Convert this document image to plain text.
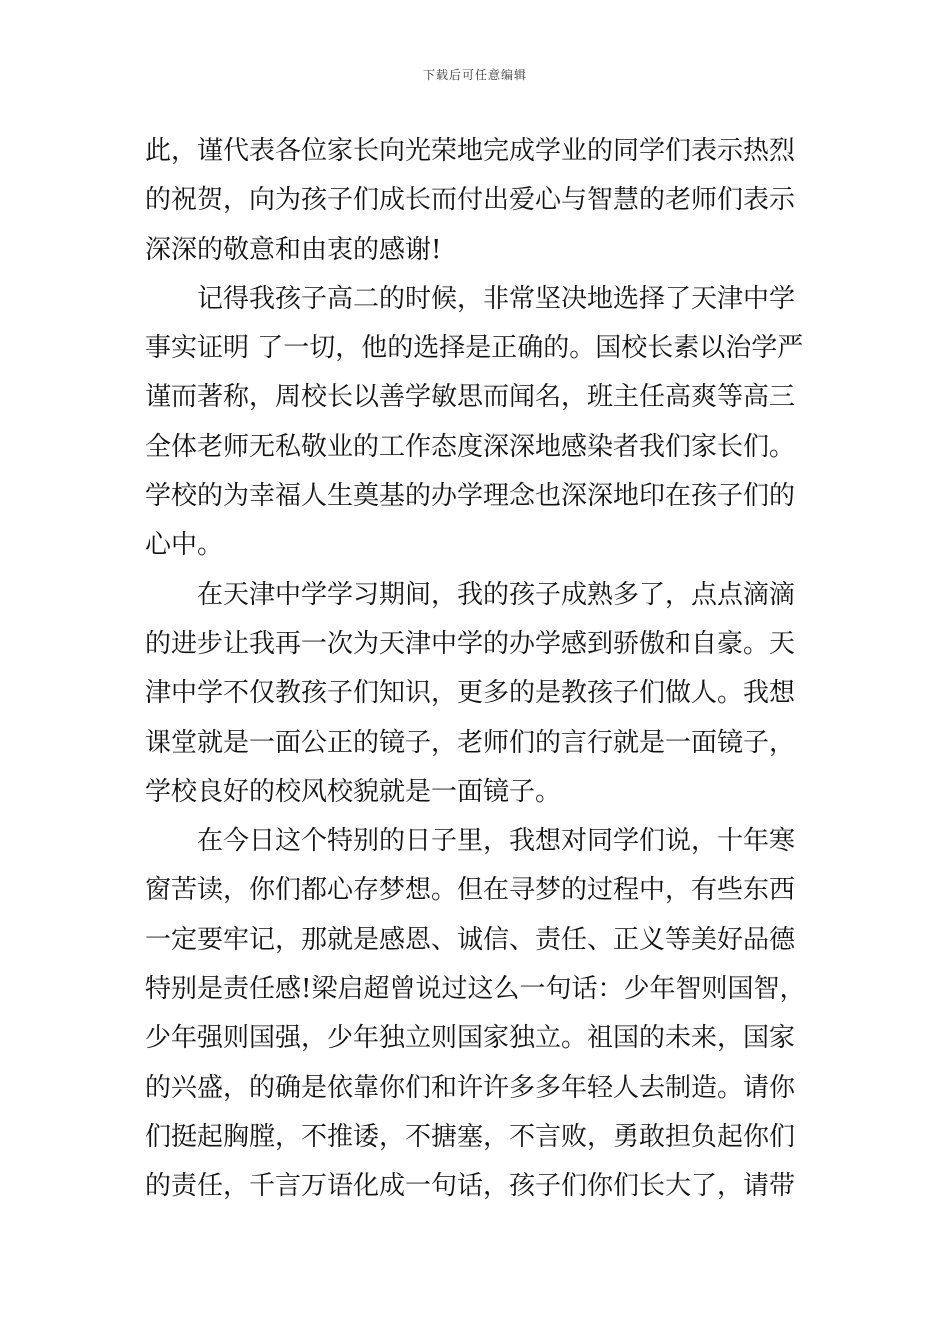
下载后可任意编辑
此，谨代表各位家长向光荣地完成学业的同学们表示热烈
的祝贺，向为孩子们成长而付出爱心与智慧的老师们表示
深深的敬意和由衷的感谢!
　　记得我孩子高二的时候，非常坚决地选择了天津中学
事实证明 了一切，他的选择是正确的。国校长素以治学严
谨而著称，周校长以善学敏思而闻名，班主任高爽等高三
全体老师无私敬业的工作态度深深地感染者我们家长们。
学校的为幸福人生奠基的办学理念也深深地印在孩子们的
心中。
　　在天津中学学习期间，我的孩子成熟多了，点点滴滴
的进步让我再一次为天津中学的办学感到骄傲和自豪。天
津中学不仅教孩子们知识，更多的是教孩子们做人。我想
课堂就是一面公正的镜子，老师们的言行就是一面镜子，
学校良好的校风校貌就是一面镜子。
　　在今日这个特别的日子里，我想对同学们说，十年寒
窗苦读，你们都心存梦想。但在寻梦的过程中，有些东西
一定要牢记，那就是感恩、诚信、责任、正义等美好品德
特别是责任感!梁启超曾说过这么一句话：少年智则国智，
少年强则国强，少年独立则国家独立。祖国的未来，国家
的兴盛，的确是依靠你们和许许多多年轻人去制造。请你
们挺起胸膛，不推诿，不搪塞，不言败，勇敢担负起你们
的责任，千言万语化成一句话，孩子们你们长大了，请带
